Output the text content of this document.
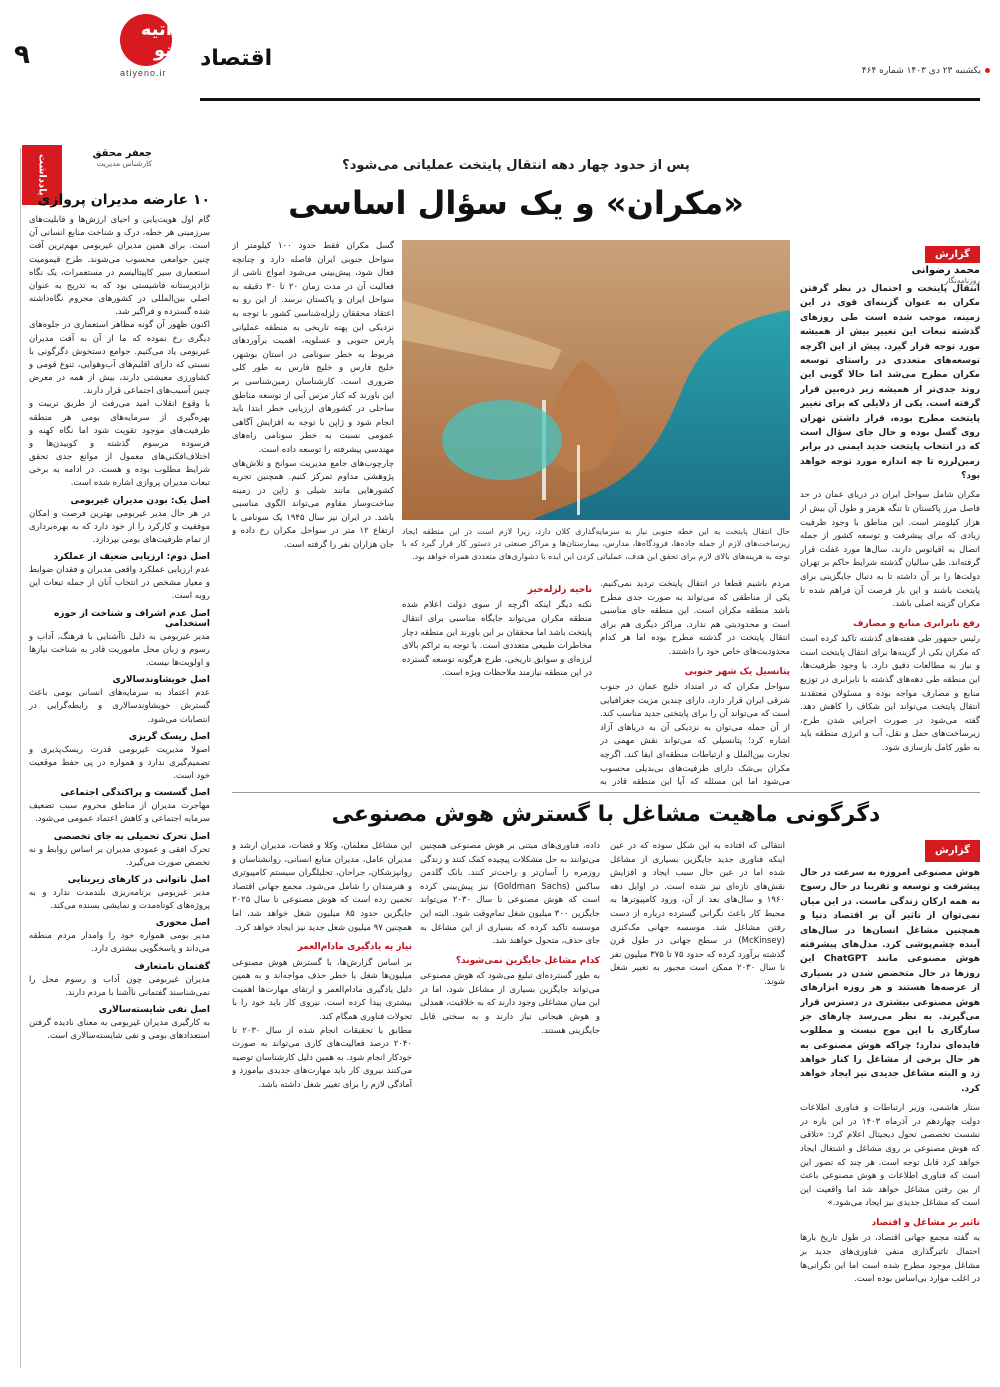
۹
آتیه نو
atiyeno.ir
اقتصاد	یکشنبه ۲۳ دی ۱۴۰۳ شماره ۴۶۴
یادداشت
جعفر محقق
کارشناس مدیریت
۱۰ عارضه مدیران پروازی

گام اول هویت‌یابی و احیای ارزش‌ها و قابلیت‌های سرزمینی هر خطه، درک و شناخت منابع انسانی آن است. برای همین مدیران غیربومی مهم‌ترین آفت چنین جوامعی محسوب می‌شوند. طرح قیمومیت استعماری سیر کاپیتالیسم در مستعمرات، یک نگاه نژادپرستانه فاشیستی بود که به تدریج به عنوان اصلی بین‌المللی در کشورهای محروم نگاه‌داشته شده گسترده و فراگیر شد.

اکنون ظهور آن گونه مظاهر استعماری در جلوه‌های دیگری رخ نموده که ما از آن به آفت مدیران غیربومی یاد می‌کنیم. جوامع دستخوش دگرگونی با نسبتی که دارای اقلیم‌های آب‌وهوایی، تنوع قومی و کشاورزی معیشتی دارند، بیش از همه در معرض چنین آسیب‌های اجتماعی قرار دارند.

با وقوع انقلاب امید می‌رفت از طریق تربیت و بهره‌گیری از سرمایه‌های بومی هر منطقه ظرفیت‌های موجود تقویت شود اما نگاه کهنه و فرسوده مرسوم گذشته و کوبیدن‌ها و اختلاف‌افکنی‌های معمول از موانع جدی تحقق شرایط مطلوب بوده و هست. در ادامه به برخی تبعات مدیران پروازی اشاره شده است.

اصل یک: بودن مدیران غیربومی

در هر حال مدیر غیربومی بهترین فرصت و امکان موفقیت و کارکرد را از خود دارد که به بهره‌برداری از تمام ظرفیت‌های بومی بپردازد.

اصل دوم: ارزیابی ضعیف از عملکرد

عدم ارزیابی عملکرد واقعی مدیران و فقدان ضوابط و معیار مشخص در انتخاب آنان از جمله تبعات این رویه است.

اصل عدم اشراف و شناخت از حوزه استخدامی

مدیر غیربومی به دلیل ناآشنایی با فرهنگ، آداب و رسوم و زبان محل ماموریت قادر به شناخت نیازها و اولویت‌ها نیست.

اصل خویشاوندسالاری

عدم اعتماد به سرمایه‌های انسانی بومی باعث گسترش خویشاوندسالاری و رابطه‌گرایی در انتصابات می‌شود.

اصل ریسک گریزی

اصولا مدیریت غیربومی قدرت ریسک‌پذیری و تصمیم‌گیری ندارد و همواره در پی حفظ موقعیت خود است.

اصل گسست و پراکندگی اجتماعی

مهاجرت مدیران از مناطق محروم سبب تضعیف سرمایه اجتماعی و کاهش اعتماد عمومی می‌شود.

اصل تحرک تحمیلی به جای تخصصی

تحرک افقی و عمودی مدیران بر اساس روابط و نه تخصص صورت می‌گیرد.

اصل ناتوانی در کارهای زیربنایی

مدیر غیربومی برنامه‌ریزی بلندمدت ندارد و به پروژه‌های کوتاه‌مدت و نمایشی بسنده می‌کند.

اصل محوری

مدیر بومی همواره خود را وامدار مردم منطقه می‌داند و پاسخگویی بیشتری دارد.

گفتمان نامتعارف

مدیران غیربومی چون آداب و رسوم محل را نمی‌شناسند گفتمانی ناآشنا با مردم دارند.

اصل نفی شایسته‌سالاری

به کارگیری مدیران غیربومی به معنای نادیده گرفتن استعدادهای بومی و نفی شایسته‌سالاری است.

پس از حدود چهار دهه انتقال پایتخت عملیاتی می‌شود؟
«مکران» و یک سؤال اساسی
گزارش
محمد رضوانی
روزنامه‌نگار

انتقال پایتخت و احتمال در نظر گرفتن مکران به عنوان گزینه‌ای قوی در این زمینه، موجب شده است طی روزهای گذشته تبعات این تغییر بیش از همیشه مورد توجه قرار گیرد. پیش از این اگرچه توسعه‌های متعددی در راستای توسعه مکران مطرح می‌شد اما حالا گویی این روند جدی‌تر از همیشه زیر ذره‌بین قرار گرفته است. یکی از دلایلی که برای تغییر پایتخت مطرح بوده، قرار داشتن تهران روی گسل بوده و حال جای سؤال است که در انتخاب پایتخت جدید ایمنی در برابر زمین‌لرزه تا چه اندازه مورد توجه خواهد بود؟

مکران شامل سواحل ایران در دریای عمان در حد فاصل مرز پاکستان تا تنگه هرمز و طول آن بیش از هزار کیلومتر است. این مناطق با وجود ظرفیت زیادی که برای پیشرفت و توسعه کشور از جمله اتصال به اقیانوس دارند، سال‌ها مورد غفلت قرار گرفته‌اند. طی سالیان گذشته شرایط حاکم بر تهران دولت‌ها را بر آن داشته تا به دنبال جایگزینی برای پایتخت باشند و این بار فرصت آن فراهم شده تا مکران گزینه اصلی باشد.

رفع نابرابری منابع و مصارف

رئیس جمهور طی هفته‌های گذشته تاکید کرده است که مکران یکی از گزینه‌ها برای انتقال پایتخت است و نیاز به مطالعات دقیق دارد. با وجود ظرفیت‌ها، این منطقه طی دهه‌های گذشته با نابرابری در توزیع منابع و مصارف مواجه بوده و مسئولان معتقدند انتقال پایتخت می‌تواند این شکاف را کاهش دهد. گفته می‌شود در صورت اجرایی شدن طرح، زیرساخت‌های حمل و نقل، آب و انرژی منطقه باید به طور کامل بازسازی شود.

حال انتقال پایتخت به این خطه جنوبی نیاز به سرمایه‌گذاری کلان دارد، زیرا لازم است در این منطقه ایجاد زیرساخت‌های لازم از جمله جاده‌ها، فرودگاه‌ها، مدارس، بیمارستان‌ها و مراکز صنعتی در دستور کار قرار گیرد که با توجه به هزینه‌های بالای لازم برای تحقق این هدف، عملیاتی کردن این ایده با دشواری‌های متعددی همراه خواهد بود.

گسل مکران فقط حدود ۱۰۰ کیلومتر از سواحل جنوبی ایران فاصله دارد و چنانچه فعال شود، پیش‌بینی می‌شود امواج ناشی از فعالیت آن در مدت زمان ۲۰ تا ۳۰ دقیقه به سواحل ایران و پاکستان برسد. از این رو به اعتقاد محققان زلزله‌شناسی کشور با توجه به نزدیکی این پهنه تاریخی به منطقه عملیاتی پارس جنوبی و عسلویه، اهمیت برآوردهای مربوط به خطر سونامی در استان بوشهر، خلیج فارس و خلیج فارس به طور کلی ضروری است. کارشناسان زمین‌شناسی بر این باورند که کنار مرس آبی از توسعه مناطق ساحلی در کشورهای ارزیابی خطر ابتدا باید انجام شود و ژاپن با توجه به افزایش آگاهی عمومی نسبت به خطر سونامی راه‌های مهندسی پیشرفته را توسعه داده است.

چارچوب‌های جامع مدیریت سوانح و تلاش‌های پژوهشی مداوم تمرکز کنیم. همچنین تجربه کشورهایی مانند شیلی و ژاپن در زمینه ساخت‌وساز مقاوم می‌تواند الگوی مناسبی باشد. در ایران نیز سال ۱۹۴۵ یک سونامی با ارتفاع ۱۲ متر در سواحل مکران رخ داده و جان هزاران نفر را گرفته است.

ناحیه زلزله‌خیز

نکته دیگر اینکه اگرچه از سوی دولت اعلام شده منطقه مکران می‌تواند جایگاه مناسبی برای انتقال پایتخت باشد اما محققان بر این باورند این منطقه دچار مخاطرات طبیعی متعددی است. با توجه به تراکم بالای لرزه‌ای و سوابق تاریخی، طرح هرگونه توسعه گسترده در این منطقه نیازمند ملاحظات ویژه است.

مردم باشیم قطعا در انتقال پایتخت تردید نمی‌کنیم. یکی از مناطقی که می‌تواند به صورت جدی مطرح باشد منطقه مکران است. این منطقه جای مناسبی است و محدودیتی هم ندارد. مراکز دیگری هم برای انتقال پایتخت در گذشته مطرح بوده اما هر کدام محدودیت‌های خاص خود را داشتند.

پتانسیل یک شهر جنوبی

سواحل مکران که در امتداد خلیج عمان در جنوب شرقی ایران قرار دارد، دارای چندین مزیت جغرافیایی است که می‌تواند آن را برای پایتختی جدید مناسب کند. از آن جمله می‌توان به نزدیکی آن به دریاهای آزاد اشاره کرد؛ پتانسیلی که می‌تواند نقش مهمی در تجارت بین‌الملل و ارتباطات منطقه‌ای ایفا کند. اگرچه مکران بی‌شک دارای ظرفیت‌های بی‌بدیلی محسوب می‌شود اما این مسئله که آیا این منطقه قادر به

دگرگونی ماهیت مشاغل با گسترش هوش مصنوعی
گزارش

هوش مصنوعی امروزه به سرعت در حال پیشرفت و توسعه و تقریبا در حال رسوخ به همه ارکان زندگی ماست. در این میان نمی‌توان از تاثیر آن بر اقتصاد دنیا و همچنین مشاغل انسان‌ها در سال‌های آینده چشم‌پوشی کرد. مدل‌های پیشرفته هوش مصنوعی مانند ChatGPT این روزها در حال متخصص شدن در بسیاری از عرصه‌ها هستند و هر روزه ابزارهای هوش مصنوعی بیشتری در دسترس قرار می‌گیرند. به نظر می‌رسد چارهای جز سازگاری با این موج نیست و مطلوب فایده‌ای ندارد؛ چراکه هوش مصنوعی به هر حال برخی از مشاغل را کنار خواهد زد و البته مشاغل جدیدی نیز ایجاد خواهد کرد.

ستار هاشمی، وزیر ارتباطات و فناوری اطلاعات دولت چهاردهم در آذرماه ۱۴۰۳ در این باره در نشست تخصصی تحول دیجیتال اعلام کرد: «تلاقی که هوش مصنوعی بر روی مشاغل و اشتغال ایجاد خواهد کرد قابل توجه است. هر چند که تصور این است که فناوری اطلاعات و هوش مصنوعی باعث از بین رفتن مشاغل خواهد شد اما واقعیت این است که مشاغل جدیدی نیز ایجاد می‌شود.»

تاثیر بر مشاغل و اقتصاد

به گفته مجمع جهانی اقتصاد، در طول تاریخ بارها احتمال تاثیرگذاری منفی فناوری‌های جدید بر مشاغل موجود مطرح شده است اما این نگرانی‌ها در اغلب موارد بی‌اساس بوده است.

انتقالی که افتاده به این شکل سوده که در عین اینکه فناوری جدید جایگزین بسیاری از مشاغل شده اما در عین حال سبب ایجاد و افزایش نقش‌های تازه‌ای نیز شده است. در اوایل دهه ۱۹۶۰ و سال‌های بعد از آن، ورود کامپیوترها به محیط کار باعث نگرانی گسترده درباره از دست رفتن مشاغل شد. موسسه جهانی مک‌کنزی (McKinsey) در سطح جهانی در طول قرن گذشته برآورد کرده که حدود ۷۵ تا ۳۷۵ میلیون نفر تا سال ۲۰۳۰ ممکن است مجبور به تغییر شغل شوند.

داده، فناوری‌های مبتنی بر هوش مصنوعی همچنین می‌توانند به حل مشکلات پیچیده کمک کنند و زندگی روزمره را آسان‌تر و راحت‌تر کنند. بانک گلدمن ساکس (Goldman Sachs) نیز پیش‌بینی کرده است که هوش مصنوعی تا سال ۲۰۳۰ می‌تواند جایگزین ۳۰۰ میلیون شغل تمام‌وقت شود. البته این موسسه تاکید کرده که بسیاری از این مشاغل به جای حذف، متحول خواهند شد.

کدام مشاغل جایگزین نمی‌شوند؟

به طور گسترده‌ای تبلیغ می‌شود که هوش مصنوعی می‌تواند جایگزین بسیاری از مشاغل شود، اما در این میان مشاغلی وجود دارند که به خلاقیت، همدلی و هوش هیجانی نیاز دارند و به سختی قابل جایگزینی هستند.

این مشاغل معلمان، وکلا و قضات، مدیران ارشد و مدیران عامل، مدیران منابع انسانی، روانشناسان و روانپزشکان، جراحان، تحلیلگران سیستم کامپیوتری و هنرمندان را شامل می‌شود. مجمع جهانی اقتصاد تخمین زده است که هوش مصنوعی تا سال ۲۰۲۵ جایگزین حدود ۸۵ میلیون شغل خواهد شد، اما همچنین ۹۷ میلیون شغل جدید نیز ایجاد خواهد کرد.

نیاز به یادگیری مادام‌العمر

بر اساس گزارش‌ها، با گسترش هوش مصنوعی میلیون‌ها شغل با خطر حذف مواجه‌اند و به همین دلیل یادگیری مادام‌العمر و ارتقای مهارت‌ها اهمیت بیشتری پیدا کرده است. نیروی کار باید خود را با تحولات فناوری همگام کند.

مطابق با تحقیقات انجام شده از سال ۲۰۳۰ تا ۲۰۴۰ درصد فعالیت‌های کاری می‌تواند به صورت خودکار انجام شود. به همین دلیل کارشناسان توصیه می‌کنند نیروی کار باید مهارت‌های جدیدی بیاموزد و آمادگی لازم را برای تغییر شغل داشته باشد.
